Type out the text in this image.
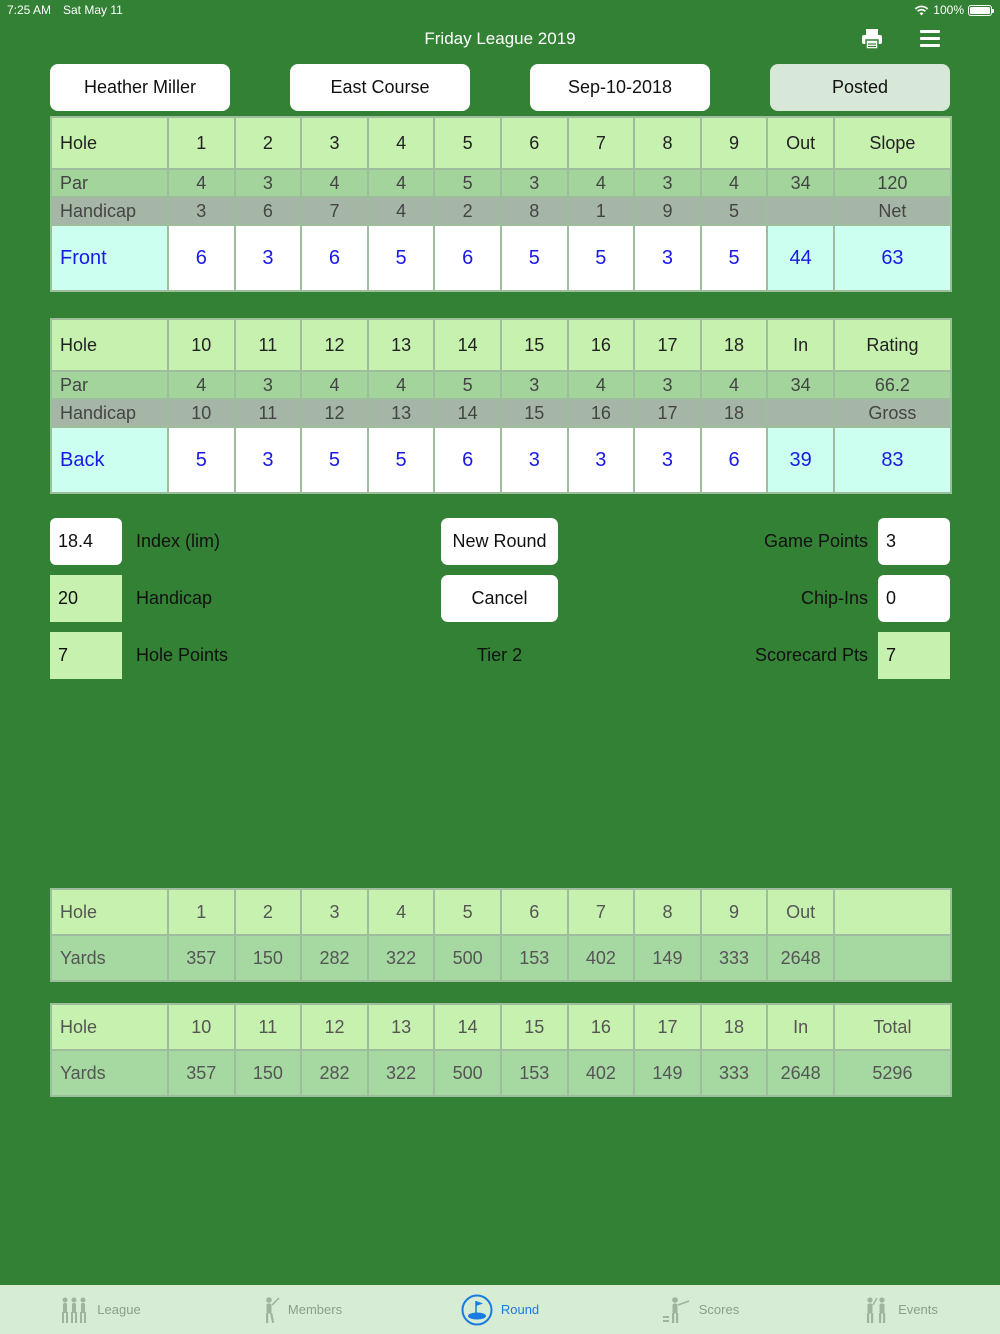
7:25 AM Sat May 11	100%
Friday League 2019
Heather Miller	East Course	Sep-10-2018	Posted
Hole	1	2	3	4	5	6	7	8	9	Out	Slope
Par	4	3	4	4	5	3	4	3	4	34	120
Handicap	3	6	7	4	2	8	1	9	5		Net
Front	6	3	6	5	6	5	5	3	5	44	63
Hole	10	11	12	13	14	15	16	17	18	In	Rating
Par	4	3	4	4	5	3	4	3	4	34	66.2
Handicap	10	11	12	13	14	15	16	17	18		Gross
Back	5	3	5	5	6	3	3	3	6	39	83
18.4	Index (lim)
20	Handicap
7	Hole Points
New Round
Cancel
Tier 2
Game Points	3
Chip-Ins	0
Scorecard Pts	7
Hole	1	2	3	4	5	6	7	8	9	Out	
Yards	357	150	282	322	500	153	402	149	333	2648	
Hole	10	11	12	13	14	15	16	17	18	In	Total
Yards	357	150	282	322	500	153	402	149	333	2648	5296
League	Members	Round	Scores	Events
